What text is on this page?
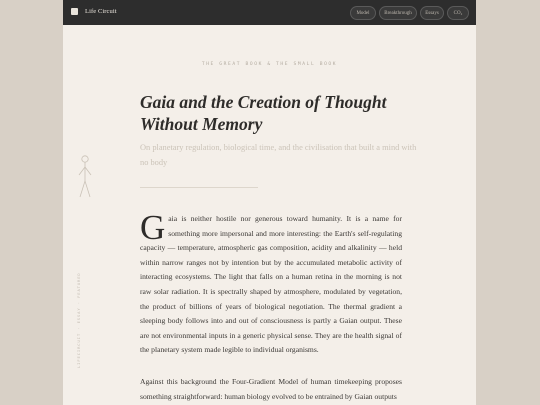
Life Circuit	Model	Breakthrough	Essays	CO₂
THE GREAT BOOK & THE SMALL BOOK
Gaia and the Creation of Thought Without Memory

On planetary regulation, biological time, and the civilisation that built a mind with no body

LIFECIRCUIT · ESSAY · FEATURED
Gaia is neither hostile nor generous toward humanity. It is a name for something more impersonal and more interesting: the Earth's self-regulating capacity — temperature, atmospheric gas composition, acidity and alkalinity — held within narrow ranges not by intention but by the accumulated metabolic activity of interacting ecosystems. The light that falls on a human retina in the morning is not raw solar radiation. It is spectrally shaped by atmosphere, modulated by vegetation, the product of billions of years of biological negotiation. The thermal gradient a sleeping body follows into and out of consciousness is partly a Gaian output. These are not environmental inputs in a generic physical sense. They are the health signal of the planetary system made legible to individual organisms.
Against this background the Four-Gradient Model of human timekeeping proposes something straightforward: human biology evolved to be entrained by Gaian outputs
